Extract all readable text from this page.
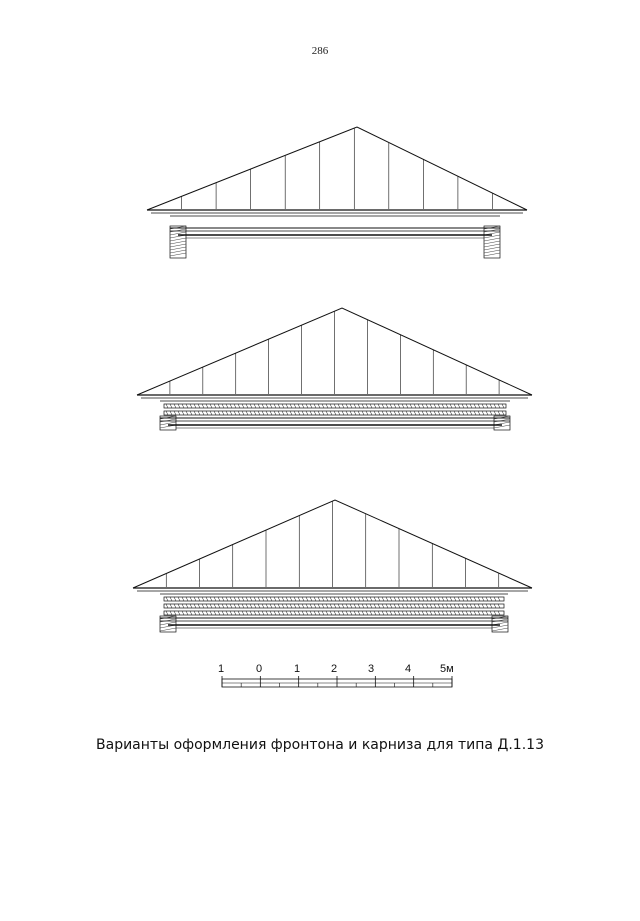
286
1	0	1	2	3	4	5м
Варианты оформления фронтона и карниза для типа Д.1.13
